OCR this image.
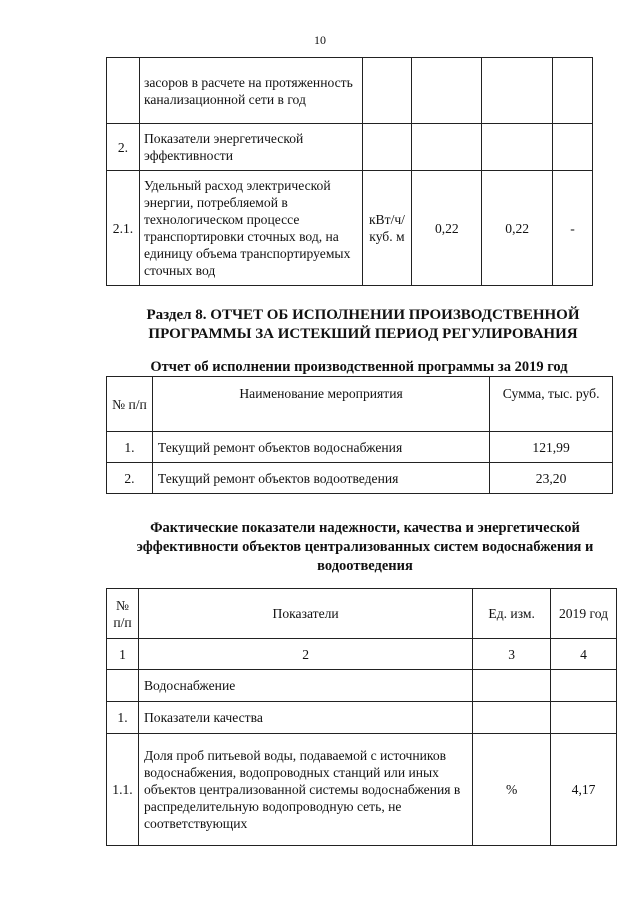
10
	засоров в расчете на протяженность канализационной сети в год				
2.	Показатели энергетической эффективности				
2.1.	Удельный расход электрической энергии, потребляемой в технологическом процессе транспортировки сточных вод, на единицу объема транспортируемых сточных вод	кВт/ч/куб. м	0,22	0,22	-
Раздел 8. ОТЧЕТ ОБ ИСПОЛНЕНИИ ПРОИЗВОДСТВЕННОЙ
ПРОГРАММЫ ЗА ИСТЕКШИЙ ПЕРИОД РЕГУЛИРОВАНИЯ
Отчет об исполнении производственной программы за 2019 год
№ п/п	Наименование мероприятия	Сумма, тыс. руб.
1.	Текущий ремонт объектов водоснабжения	121,99
2.	Текущий ремонт объектов водоотведения	23,20
Фактические показатели надежности, качества и энергетической эффективности объектов централизованных систем водоснабжения и водоотведения
№ п/п	Показатели	Ед. изм.	2019 год
1	2	3	4
	Водоснабжение		
1.	Показатели качества		
1.1.	Доля проб питьевой воды, подаваемой с источников водоснабжения, водопроводных станций или иных объектов централизованной системы водоснабжения в распределительную водопроводную сеть, не соответствующих	%	4,17
